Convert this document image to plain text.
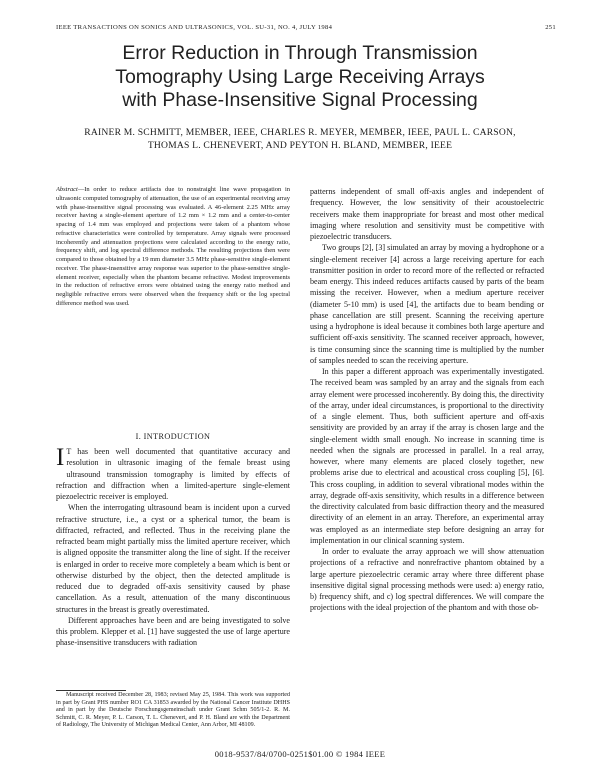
IEEE TRANSACTIONS ON SONICS AND ULTRASONICS, VOL. SU-31, NO. 4, JULY 1984	251
Error Reduction in Through Transmission
Tomography Using Large Receiving Arrays
with Phase-Insensitive Signal Processing
RAINER M. SCHMITT, MEMBER, IEEE, CHARLES R. MEYER, MEMBER, IEEE, PAUL L. CARSON,
THOMAS L. CHENEVERT, AND PEYTON H. BLAND, MEMBER, IEEE
Abstract—In order to reduce artifacts due to nonstraight line wave propagation in ultrasonic computed tomography of attenuation, the use of an experimental receiving array with phase-insensitive signal processing was evaluated. A 46-element 2.25 MHz array receiver having a single-element aperture of 1.2 mm × 1.2 mm and a center-to-center spacing of 1.4 mm was employed and projections were taken of a phantom whose refractive characteristics were controlled by temperature. Array signals were processed incoherently and attenuation projections were calculated according to the energy ratio, frequency shift, and log spectral difference methods. The resulting projections then were compared to those obtained by a 19 mm diameter 3.5 MHz phase-sensitive single-element receiver. The phase-insensitive array response was superior to the phase-sensitive single-element receiver, especially when the phantom became refractive. Modest improvements in the reduction of refractive errors were obtained using the energy ratio method and negligible refractive errors were observed when the frequency shift or the log spectral difference method was used.
I. INTRODUCTION

I T has been well documented that quantitative accuracy and resolution in ultrasonic imaging of the female breast using ultrasound transmission tomography is limited by effects of refraction and diffraction when a limited-aperture single-element piezoelectric receiver is employed.

When the interrogating ultrasound beam is incident upon a curved refractive structure, i.e., a cyst or a spherical tumor, the beam is diffracted, refracted, and reflected. Thus in the receiving plane the refracted beam might partially miss the limited aperture receiver, which is aligned opposite the transmitter along the line of sight. If the receiver is enlarged in order to receive more completely a beam which is bent or otherwise disturbed by the object, then the detected amplitude is reduced due to degraded off-axis sensitivity caused by phase cancellation. As a result, attenuation of the many discontinuous structures in the breast is greatly overestimated.

Different approaches have been and are being investigated to solve this problem. Klepper et al. [1] have suggested the use of large aperture phase-insensitive transducers with radiation

Manuscript received December 28, 1983; revised May 25, 1984. This work was supported in part by Grant PHS number RO1 CA 31853 awarded by the National Cancer Institute DHHS and in part by the Deutsche Forschungsgemeinschaft under Grant Schm 505/1-2. R. M. Schmitt, C. R. Meyer, P. L. Carson, T. L. Chenevert, and P. H. Bland are with the Department of Radiology, The University of Michigan Medical Center, Ann Arbor, MI 48109.

patterns independent of small off-axis angles and independent of frequency. However, the low sensitivity of their acoustoelectric receivers make them inappropriate for breast and most other medical imaging where resolution and sensitivity must be competitive with piezoelectric transducers.

Two groups [2], [3] simulated an array by moving a hydrophone or a single-element receiver [4] across a large receiving aperture for each transmitter position in order to record more of the reflected or refracted beam energy. This indeed reduces artifacts caused by parts of the beam missing the receiver. However, when a medium aperture receiver (diameter 5-10 mm) is used [4], the artifacts due to beam bending or phase cancellation are still present. Scanning the receiving aperture using a hydrophone is ideal because it combines both large aperture and sufficient off-axis sensitivity. The scanned receiver approach, however, is time consuming since the scanning time is multiplied by the number of samples needed to scan the receiving aperture.

In this paper a different approach was experimentally investigated. The received beam was sampled by an array and the signals from each array element were processed incoherently. By doing this, the directivity of the array, under ideal circumstances, is proportional to the directivity of a single element. Thus, both sufficient aperture and off-axis sensitivity are provided by an array if the array is chosen large and the single-element width small enough. No increase in scanning time is needed when the signals are processed in parallel. In a real array, however, where many elements are placed closely together, new problems arise due to electrical and acoustical cross coupling [5], [6]. This cross coupling, in addition to several vibrational modes within the array, degrade off-axis sensitivity, which results in a difference between the directivity calculated from basic diffraction theory and the measured directivity of an element in an array. Therefore, an experimental array was employed as an intermediate step before designing an array for implementation in our clinical scanning system.

In order to evaluate the array approach we will show attenuation projections of a refractive and nonrefractive phantom obtained by a large aperture piezoelectric ceramic array where three different phase insensitive digital signal processing methods were used: a) energy ratio, b) frequency shift, and c) log spectral differences. We will compare the projections with the ideal projection of the phantom and with those ob-

0018-9537/84/0700-0251$01.00 © 1984 IEEE
